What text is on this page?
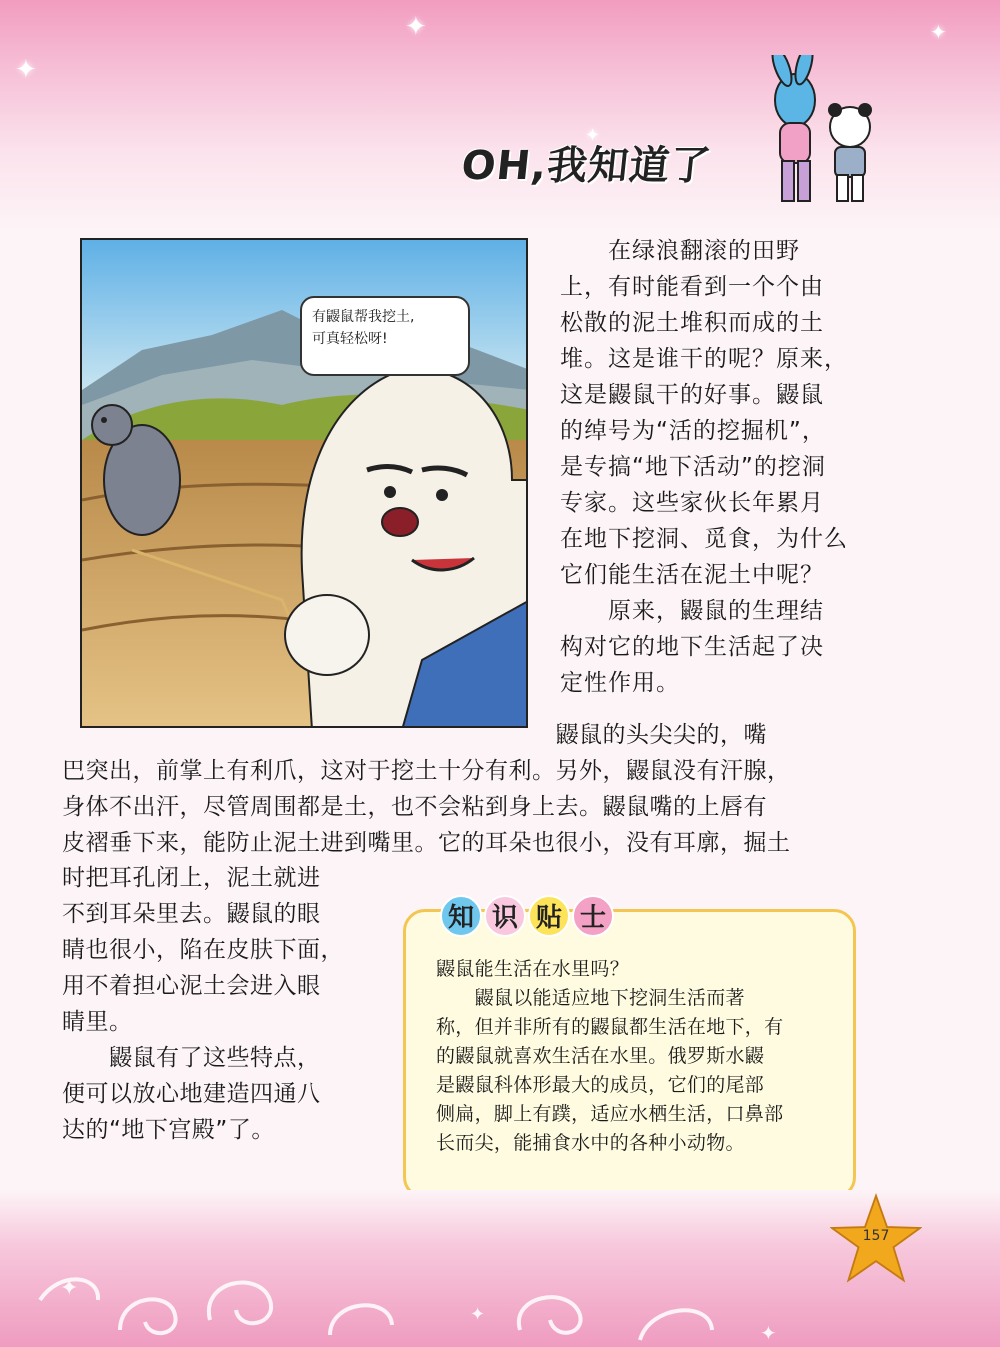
✦
✦
✦
✦
OH,我知道了
有鼹鼠帮我挖土,
可真轻松呀!
　　在绿浪翻滚的田野
上，有时能看到一个个由
松散的泥土堆积而成的土
堆。这是谁干的呢？原来，
这是鼹鼠干的好事。鼹鼠
的绰号为“活的挖掘机”，
是专搞“地下活动”的挖洞
专家。这些家伙长年累月
在地下挖洞、觅食，为什么
它们能生活在泥土中呢？
　　原来，鼹鼠的生理结
构对它的地下生活起了决
定性作用。
　　　　　　　　　　　　　　　　　　　　　鼹鼠的头尖尖的，嘴
巴突出，前掌上有利爪，这对于挖土十分有利。另外，鼹鼠没有汗腺，
身体不出汗，尽管周围都是土，也不会粘到身上去。鼹鼠嘴的上唇有
皮褶垂下来，能防止泥土进到嘴里。它的耳朵也很小，没有耳廓，掘土
时把耳孔闭上，泥土就进
不到耳朵里去。鼹鼠的眼
睛也很小，陷在皮肤下面，
用不着担心泥土会进入眼
睛里。
　　鼹鼠有了这些特点，
便可以放心地建造四通八
达的“地下宫殿”了。
知 识 贴 士
鼹鼠能生活在水里吗？
　　鼹鼠以能适应地下挖洞生活而著
称，但并非所有的鼹鼠都生活在地下，有
的鼹鼠就喜欢生活在水里。俄罗斯水鼹
是鼹鼠科体形最大的成员，它们的尾部
侧扁，脚上有蹼，适应水栖生活，口鼻部
长而尖，能捕食水中的各种小动物。
✦
✦
✦
157
